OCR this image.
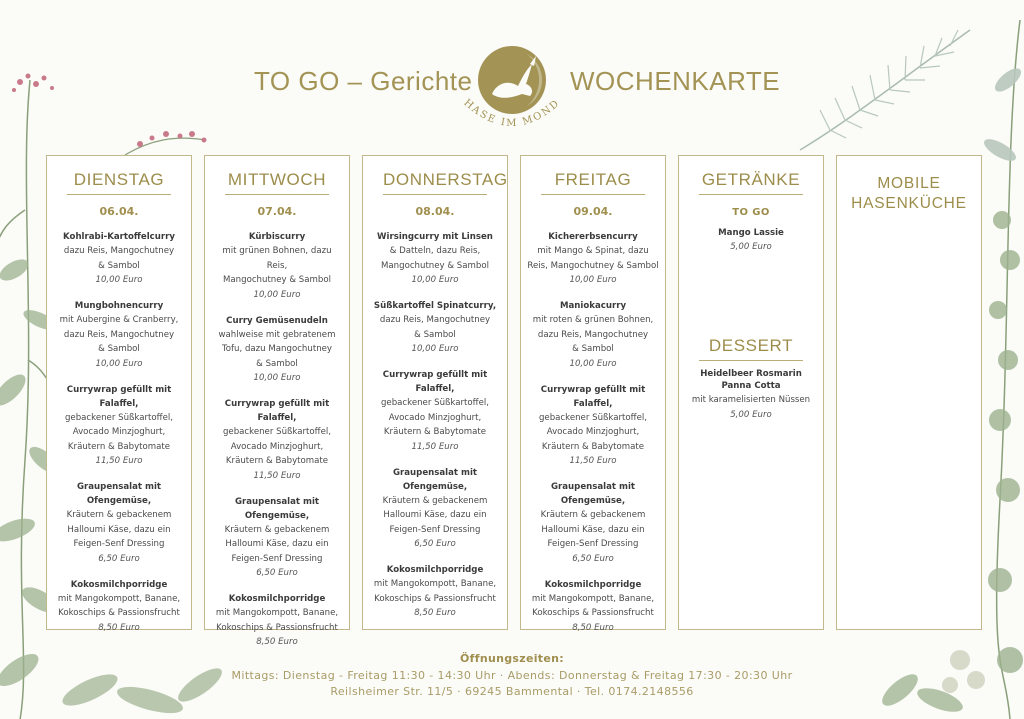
TO GO – Gerichte
HASE IM MOND
WOCHENKARTE
DIENSTAG
06.04.
Kohlrabi-Kartoffelcurry
dazu Reis, Mangochutney
& Sambol
10,00 Euro
Mungbohnencurry
mit Aubergine & Cranberry,
dazu Reis, Mangochutney
& Sambol
10,00 Euro
Currywrap gefüllt mit Falaffel,
gebackener Süßkartoffel,
Avocado Minzjoghurt,
Kräutern & Babytomate
11,50 Euro
Graupensalat mit Ofengemüse,
Kräutern & gebackenem
Halloumi Käse, dazu ein
Feigen-Senf Dressing
6,50 Euro
Kokosmilchporridge
mit Mangokompott, Banane,
Kokoschips & Passionsfrucht
8,50 Euro
MITTWOCH
07.04.
Kürbiscurry
mit grünen Bohnen, dazu Reis,
Mangochutney & Sambol
10,00 Euro
Curry Gemüsenudeln
wahlweise mit gebratenem
Tofu, dazu Mangochutney
& Sambol
10,00 Euro
Currywrap gefüllt mit Falaffel,
gebackener Süßkartoffel,
Avocado Minzjoghurt,
Kräutern & Babytomate
11,50 Euro
Graupensalat mit Ofengemüse,
Kräutern & gebackenem
Halloumi Käse, dazu ein
Feigen-Senf Dressing
6,50 Euro
Kokosmilchporridge
mit Mangokompott, Banane,
Kokoschips & Passionsfrucht
8,50 Euro
DONNERSTAG
08.04.
Wirsingcurry mit Linsen
& Datteln, dazu Reis,
Mangochutney & Sambol
10,00 Euro
Süßkartoffel Spinatcurry,
dazu Reis, Mangochutney
& Sambol
10,00 Euro
Currywrap gefüllt mit Falaffel,
gebackener Süßkartoffel,
Avocado Minzjoghurt,
Kräutern & Babytomate
11,50 Euro
Graupensalat mit Ofengemüse,
Kräutern & gebackenem
Halloumi Käse, dazu ein
Feigen-Senf Dressing
6,50 Euro
Kokosmilchporridge
mit Mangokompott, Banane,
Kokoschips & Passionsfrucht
8,50 Euro
FREITAG
09.04.
Kichererbsencurry
mit Mango & Spinat, dazu
Reis, Mangochutney & Sambol
10,00 Euro
Maniokacurry
mit roten & grünen Bohnen,
dazu Reis, Mangochutney
& Sambol
10,00 Euro
Currywrap gefüllt mit Falaffel,
gebackener Süßkartoffel,
Avocado Minzjoghurt,
Kräutern & Babytomate
11,50 Euro
Graupensalat mit Ofengemüse,
Kräutern & gebackenem
Halloumi Käse, dazu ein
Feigen-Senf Dressing
6,50 Euro
Kokosmilchporridge
mit Mangokompott, Banane,
Kokoschips & Passionsfrucht
8,50 Euro
GETRÄNKE
TO GO
Mango Lassie
5,00 Euro
DESSERT
Heidelbeer Rosmarin
Panna Cotta
mit karamelisierten Nüssen
5,00 Euro
MOBILE
HASENKÜCHE
Öffnungszeiten:
Mittags: Dienstag - Freitag 11:30 - 14:30 Uhr · Abends: Donnerstag & Freitag 17:30 - 20:30 Uhr
Reilsheimer Str. 11/5 · 69245 Bammental · Tel. 0174.2148556
